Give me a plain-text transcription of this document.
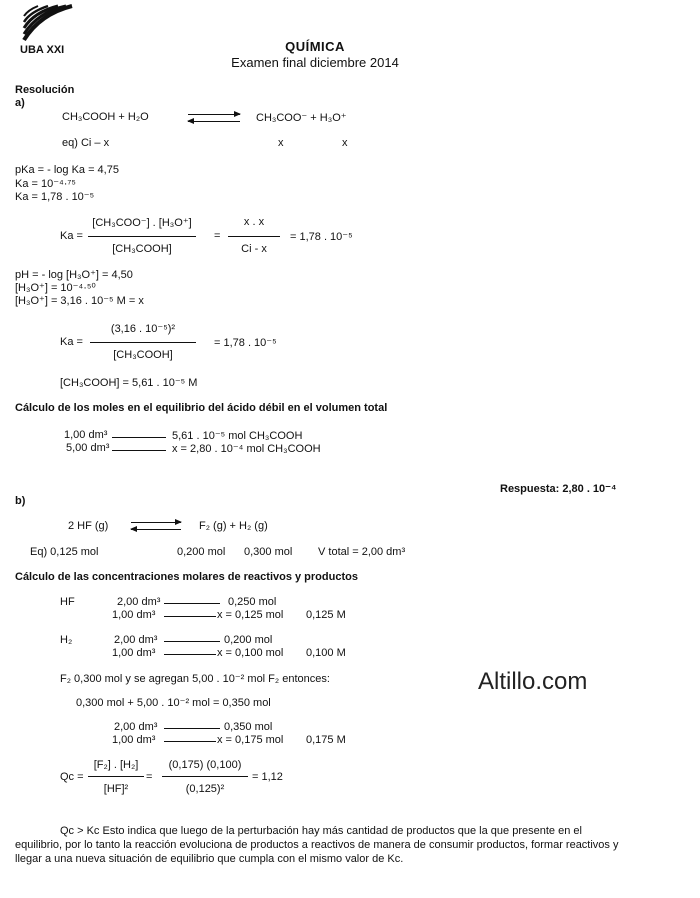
UBA XXI	QUÍMICA
Examen final diciembre 2014
Resolución
a)
CH₃COOH + H₂O	CH₃COO⁻ + H₃O⁺
eq) Ci – x	x	x
pKa = - log Ka = 4,75
Ka = 10⁻⁴·⁷⁵
Ka = 1,78 . 10⁻⁵
Ka =
[CH₃COO⁻] . [H₃O⁺]
[CH₃COOH]
=
x . x
Ci - x
= 1,78 . 10⁻⁵
pH = - log [H₃O⁺] = 4,50
[H₃O⁺] = 10⁻⁴·⁵⁰
[H₃O⁺] = 3,16 . 10⁻⁵ M = x
Ka =
(3,16 . 10⁻⁵)²
[CH₃COOH]
= 1,78 . 10⁻⁵
[CH₃COOH] = 5,61 . 10⁻⁵ M
Cálculo de los moles en el equilibrio del ácido débil en el volumen total
1,00 dm³	5,61 . 10⁻⁵ mol CH₃COOH
5,00 dm³	x = 2,80 . 10⁻⁴ mol CH₃COOH
Respuesta: 2,80 . 10⁻⁴
b)
2 HF (g)	F₂ (g) + H₂ (g)
Eq) 0,125 mol	0,200 mol 0,300 mol V total = 2,00 dm³
Cálculo de las concentraciones molares de reactivos y productos
HF	2,00 dm³	0,250 mol
1,00 dm³	x = 0,125 mol 0,125 M
H₂	2,00 dm³	0,200 mol
1,00 dm³	x = 0,100 mol 0,100 M
F₂ 0,300 mol y se agregan 5,00 . 10⁻² mol F₂ entonces:
0,300 mol + 5,00 . 10⁻² mol = 0,350 mol
2,00 dm³	0,350 mol
1,00 dm³	x = 0,175 mol 0,175 M
Qc =
[F₂] . [H₂]
[HF]²
=
(0,175) (0,100)
(0,125)²
= 1,12
Altillo.com
Qc > Kc Esto indica que luego de la perturbación hay más cantidad de productos que la que presente en el equilibrio, por lo tanto la reacción evoluciona de productos a reactivos de manera de consumir productos, formar reactivos y llegar a una nueva situación de equilibrio que cumpla con el mismo valor de Kc.
